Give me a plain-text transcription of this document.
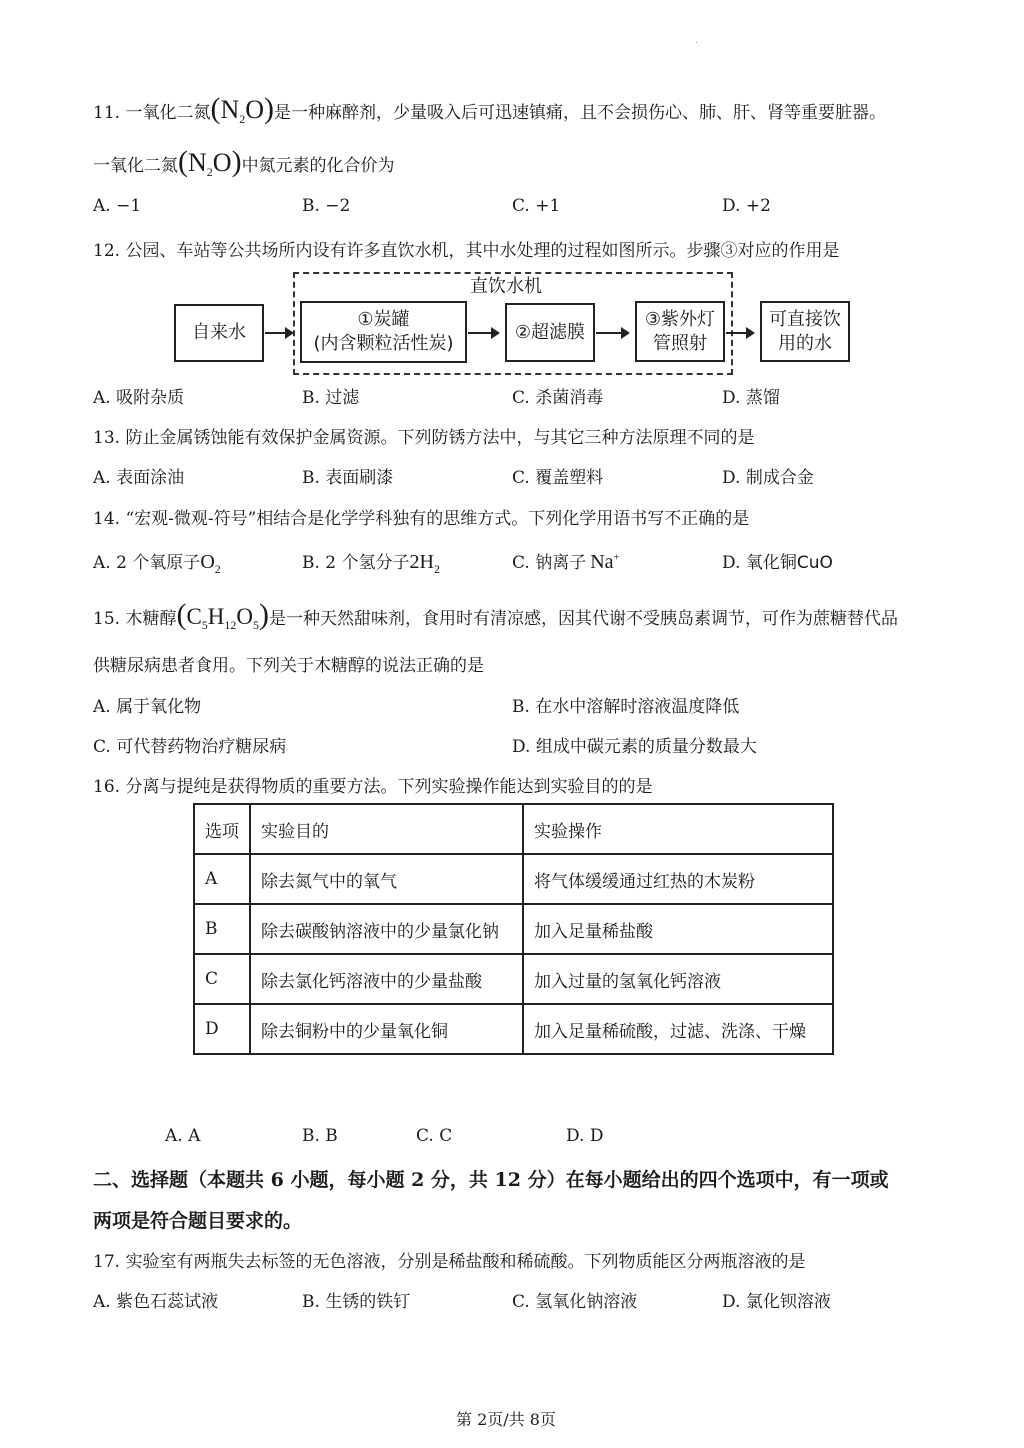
·
11. 一氧化二氮$(N_2O)$是一种麻醉剂，少量吸入后可迅速镇痛，且不会损伤心、肺、肝、肾等重要脏器。
一氧化二氮$(N_2O)$中氮元素的化合价为
A. −1	B. −2	C. +1	D. +2
12. 公园、车站等公共场所内设有许多直饮水机，其中水处理的过程如图所示。步骤③对应的作用是
直饮水机
自来水
①炭罐
(内含颗粒活性炭)
②超滤膜
③紫外灯
管照射
可直接饮
用的水
A. 吸附杂质	B. 过滤	C. 杀菌消毒	D. 蒸馏
13. 防止金属锈蚀能有效保护金属资源。下列防锈方法中，与其它三种方法原理不同的是
A. 表面涂油	B. 表面刷漆	C. 覆盖塑料	D. 制成合金
14. “宏观-微观-符号”相结合是化学学科独有的思维方式。下列化学用语书写不正确的是
A. 2 个氧原子$O_2$	B. 2 个氢分子$2H_2$	C. 钠离子 Na+	D. 氧化铜CuO
15. 木糖醇$(C_5H_{12}O_5)$是一种天然甜味剂，食用时有清凉感，因其代谢不受胰岛素调节，可作为蔗糖替代品
供糖尿病患者食用。下列关于木糖醇的说法正确的是
A. 属于氧化物	B. 在水中溶解时溶液温度降低
C. 可代替药物治疗糖尿病	D. 组成中碳元素的质量分数最大
16. 分离与提纯是获得物质的重要方法。下列实验操作能达到实验目的的是
选项	实验目的	实验操作
A	除去氮气中的氧气	将气体缓缓通过红热的木炭粉
B	除去碳酸钠溶液中的少量氯化钠	加入足量稀盐酸
C	除去氯化钙溶液中的少量盐酸	加入过量的氢氧化钙溶液
D	除去铜粉中的少量氧化铜	加入足量稀硫酸，过滤、洗涤、干燥
A. A	B. B	C. C	D. D
二、选择题（本题共 6 小题，每小题 2 分，共 12 分）在每小题给出的四个选项中，有一项或
两项是符合题目要求的。
17. 实验室有两瓶失去标签的无色溶液，分别是稀盐酸和稀硫酸。下列物质能区分两瓶溶液的是
A. 紫色石蕊试液	B. 生锈的铁钉	C. 氢氧化钠溶液	D. 氯化钡溶液
第 2页/共 8页
